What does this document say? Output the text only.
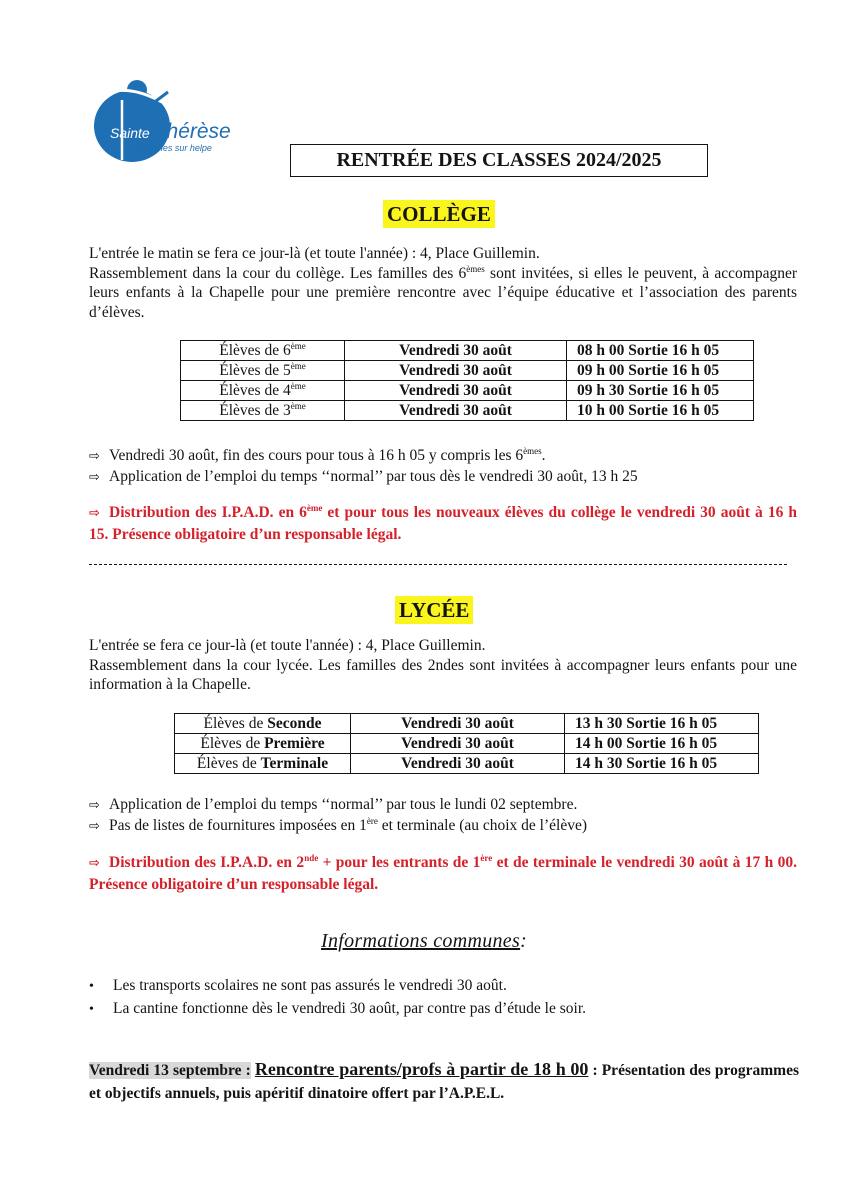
Sainte Thérèse
Avesnes sur helpe
RENTRÉE DES CLASSES 2024/2025
COLLÈGE
L'entrée le matin se fera ce jour-là (et toute l'année) : 4, Place Guillemin.
Rassemblement dans la cour du collège. Les familles des 6èmes sont invitées, si elles le peuvent, à accompagner leurs enfants à la Chapelle pour une première rencontre avec l’équipe éducative et l’association des parents d’élèves.
Élèves de 6ème	Vendredi 30 août	08 h 00 Sortie 16 h 05
Élèves de 5ème	Vendredi 30 août	09 h 00 Sortie 16 h 05
Élèves de 4ème	Vendredi 30 août	09 h 30 Sortie 16 h 05
Élèves de 3ème	Vendredi 30 août	10 h 00 Sortie 16 h 05
⇨ Vendredi 30 août, fin des cours pour tous à 16 h 05 y compris les 6èmes.
⇨ Application de l’emploi du temps ‘‘normal’’ par tous dès le vendredi 30 août, 13 h 25
⇨ Distribution des I.P.A.D. en 6ème et pour tous les nouveaux élèves du collège le vendredi 30 août à 16 h 15. Présence obligatoire d’un responsable légal.
LYCÉE
L'entrée se fera ce jour-là (et toute l'année) : 4, Place Guillemin.
Rassemblement dans la cour lycée. Les familles des 2ndes sont invitées à accompagner leurs enfants pour une information à la Chapelle.
Élèves de Seconde	Vendredi 30 août	13 h 30 Sortie 16 h 05
Élèves de Première	Vendredi 30 août	14 h 00 Sortie 16 h 05
Élèves de Terminale	Vendredi 30 août	14 h 30 Sortie 16 h 05
⇨ Application de l’emploi du temps ‘‘normal’’ par tous le lundi 02 septembre.
⇨ Pas de listes de fournitures imposées en 1ère et terminale (au choix de l’élève)
⇨ Distribution des I.P.A.D. en 2nde + pour les entrants de 1ère et de terminale le vendredi 30 août à 17 h 00. Présence obligatoire d’un responsable légal.
Informations communes:
• Les transports scolaires ne sont pas assurés le vendredi 30 août.
• La cantine fonctionne dès le vendredi 30 août, par contre pas d’étude le soir.
Vendredi 13 septembre : Rencontre parents/profs à partir de 18 h 00 : Présentation des programmes et objectifs annuels, puis apéritif dinatoire offert par l’A.P.E.L.
